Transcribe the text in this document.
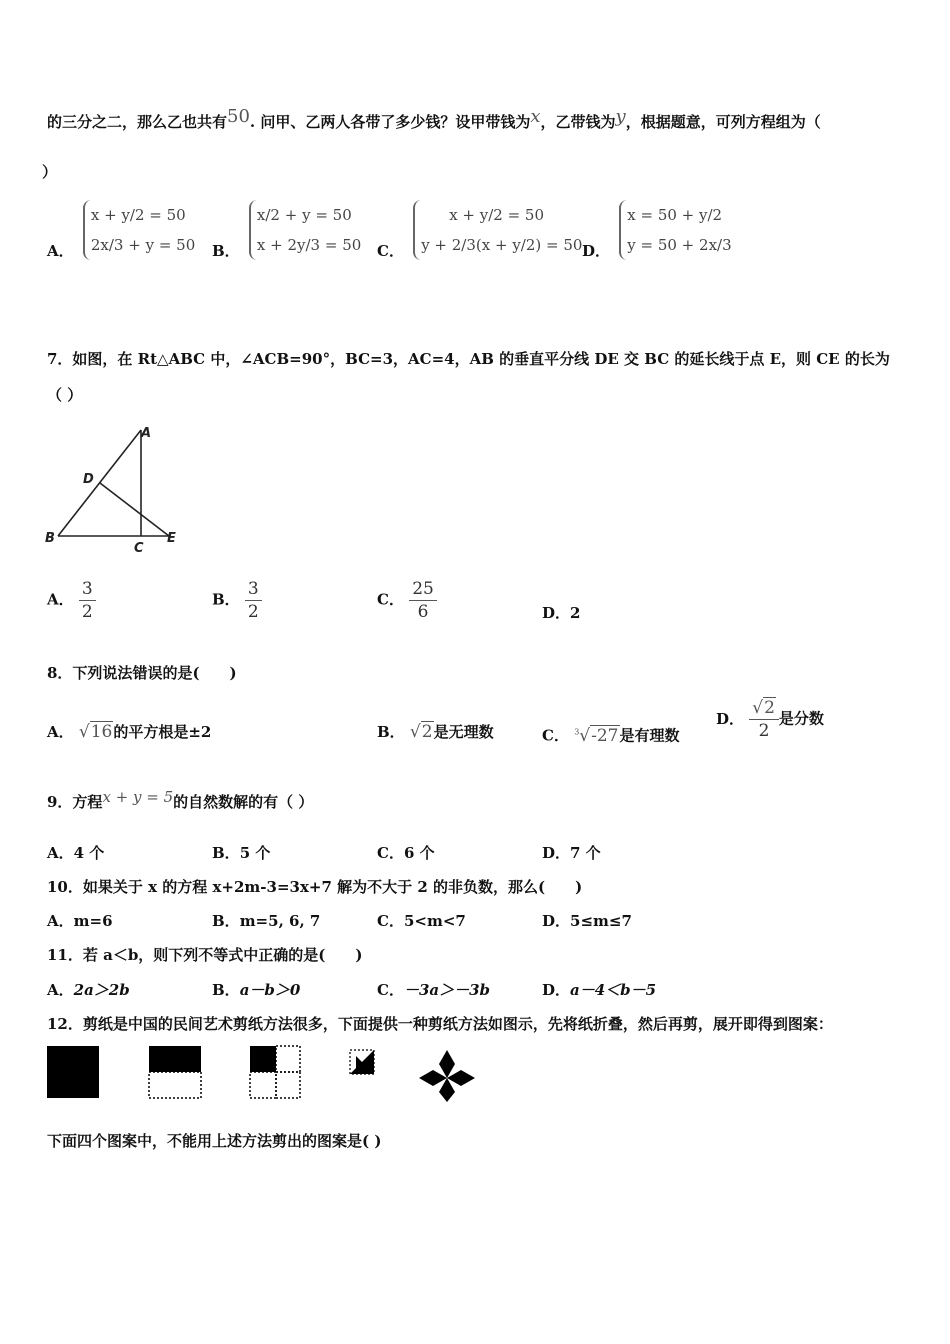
的三分之二，那么乙也共有50. 问甲、乙两人各带了多少钱？设甲带钱为x，乙带钱为y，根据题意，可列方程组为（
）
A．
x + y/2 = 50
2x/3 + y = 50 B．
x/2 + y = 50
x + 2y/3 = 50 C．
x + y/2 = 50
y + 2/3(x + y/2) = 50 D．
x = 50 + y/2
y = 50 + 2x/3
7．如图，在 Rt△ABC 中，∠ACB=90°，BC=3，AC=4，AB 的垂直平分线 DE 交 BC 的延长线于点 E，则 CE 的长为
（ ）
A
D
B
C
E
A． $\frac{3}{2}$	B． $\frac{3}{2}$	C． $\frac{25}{6}$	D．2
8．下列说法错误的是(　　)
A． √16的平方根是±2	B． √2是无理数	C． $^3$√-27是有理数
D． $\frac{√2}{2}$ 是分数
9．方程x + y = 5的自然数解的有（ ）
A．4 个	B．5 个	C．6 个	D．7 个
10．如果关于 x 的方程 x+2m-3=3x+7 解为不大于 2 的非负数，那么(　　)
A．m=6	B．m=5, 6, 7	C．5<m<7	D．5≤m≤7
11．若 a＜b，则下列不等式中正确的是(　　)
A．2a＞2b	B．a－b＞0	C．－3a＞－3b	D．a－4＜b－5
12．剪纸是中国的民间艺术剪纸方法很多，下面提供一种剪纸方法如图示，先将纸折叠，然后再剪，展开即得到图案：
下面四个图案中，不能用上述方法剪出的图案是( )
